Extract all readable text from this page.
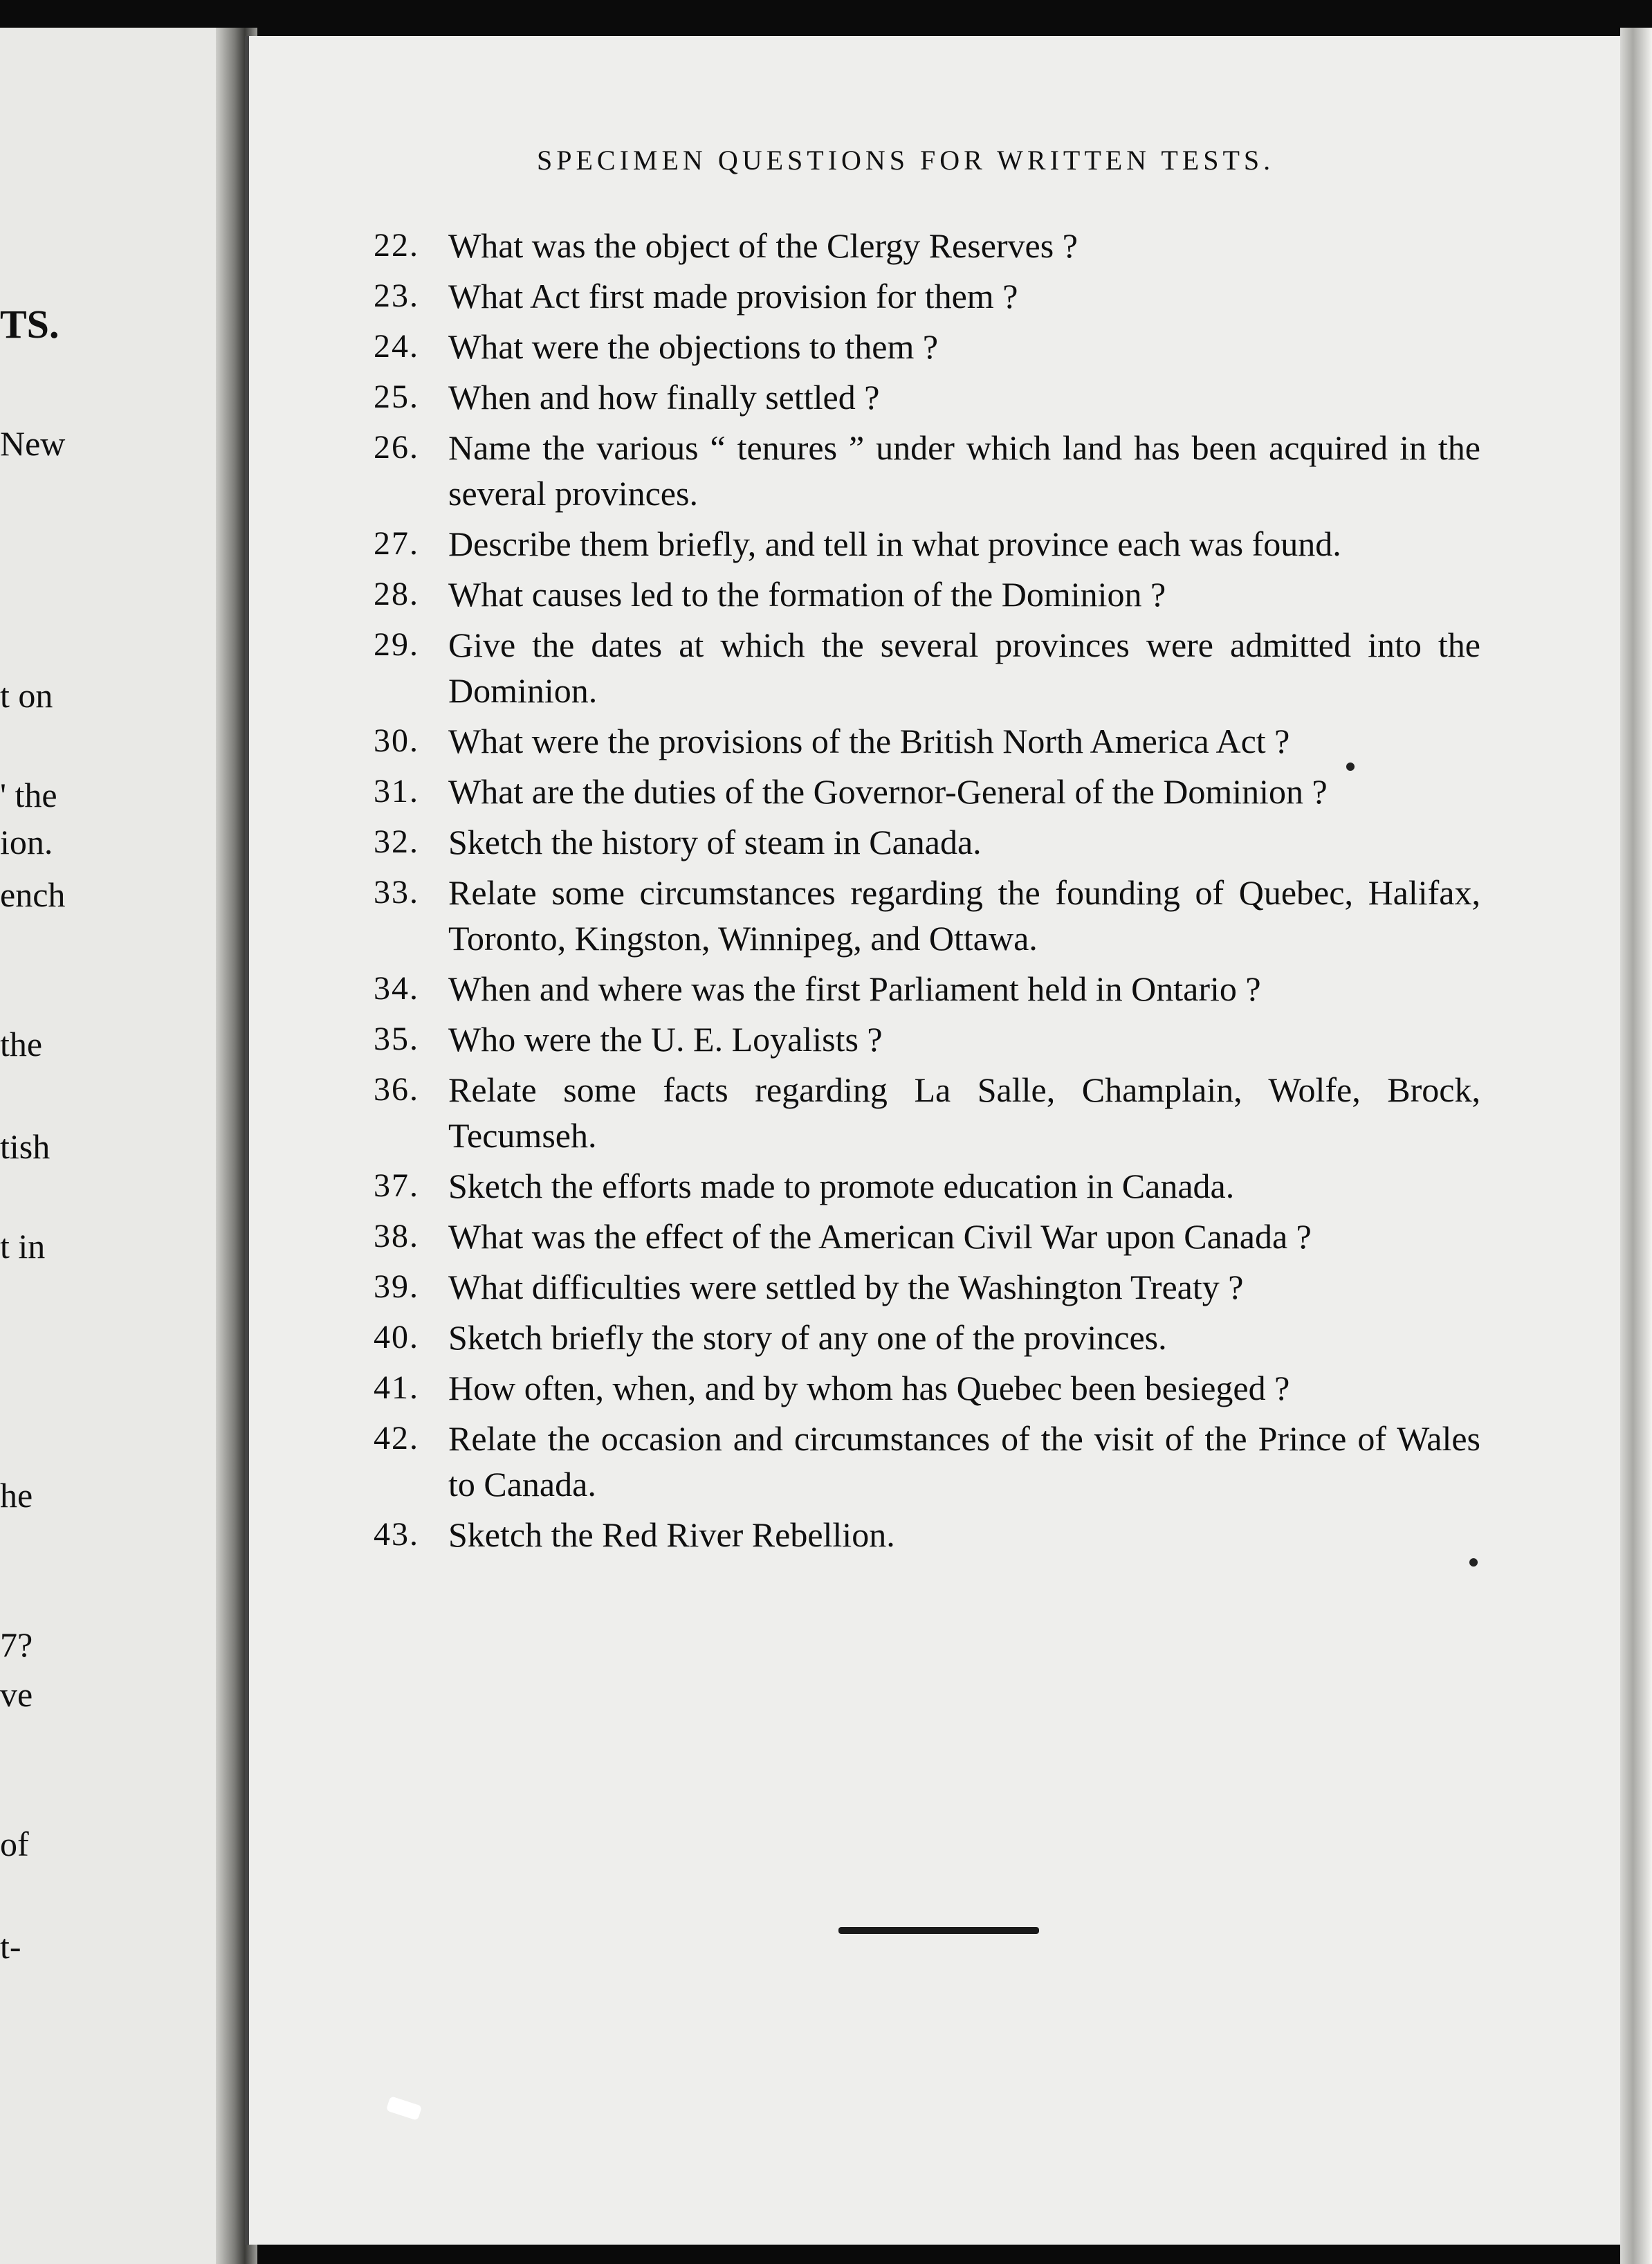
TS.
New
t on
' the
ion.
ench
the
tish
t in
he
7?
ve
of
t-
SPECIMEN QUESTIONS FOR WRITTEN TESTS.
22. What was the object of the Clergy Reserves ?
23. What Act first made provision for them ?
24. What were the objections to them ?
25. When and how finally settled ?
26. Name the various “ tenures ” under which land has been acquired in the several provinces.
27. Describe them briefly, and tell in what province each was found.
28. What causes led to the formation of the Dominion ?
29. Give the dates at which the several provinces were admitted into the Dominion.
30. What were the provisions of the British North America Act ?
31. What are the duties of the Governor-General of the Dominion ?
32. Sketch the history of steam in Canada.
33. Relate some circumstances regarding the founding of Quebec, Halifax, Toronto, Kingston, Winnipeg, and Ottawa.
34. When and where was the first Parliament held in Ontario ?
35. Who were the U. E. Loyalists ?
36. Relate some facts regarding La Salle, Champlain, Wolfe, Brock, Tecumseh.
37. Sketch the efforts made to promote education in Canada.
38. What was the effect of the American Civil War upon Canada ?
39. What difficulties were settled by the Washington Treaty ?
40. Sketch briefly the story of any one of the provinces.
41. How often, when, and by whom has Quebec been besieged ?
42. Relate the occasion and circumstances of the visit of the Prince of Wales to Canada.
43. Sketch the Red River Rebellion.
